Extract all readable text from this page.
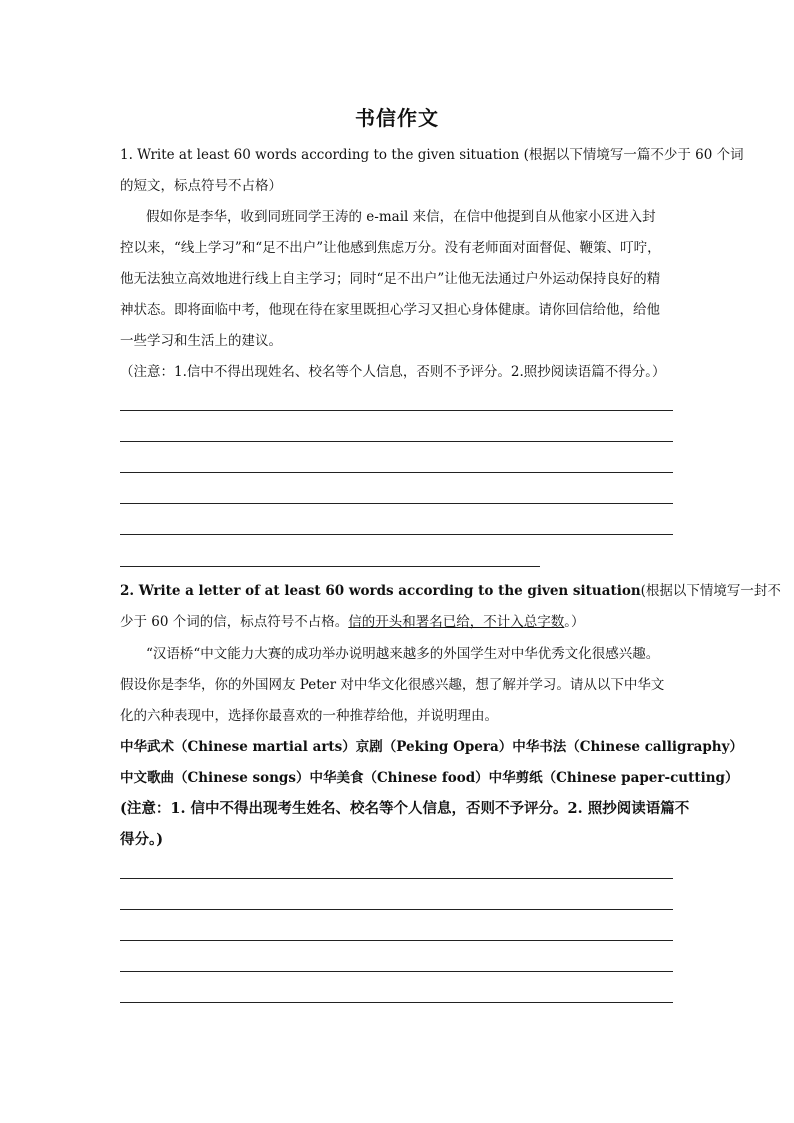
书信作文
1. Write at least 60 words according to the given situation (根据以下情境写一篇不少于 60 个词
的短文，标点符号不占格）
假如你是李华，收到同班同学王涛的 e-mail 来信，在信中他提到自从他家小区进入封
控以来，“线上学习”和“足不出户”让他感到焦虑万分。没有老师面对面督促、鞭策、叮咛，
他无法独立高效地进行线上自主学习；同时“足不出户”让他无法通过户外运动保持良好的精
神状态。即将面临中考，他现在待在家里既担心学习又担心身体健康。请你回信给他，给他
一些学习和生活上的建议。
（注意：1.信中不得出现姓名、校名等个人信息，否则不予评分。2.照抄阅读语篇不得分。）
2. Write a letter of at least 60 words according to the given situation(根据以下情境写一封不
少于 60 个词的信，标点符号不占格。信的开头和署名已给，不计入总字数。）
“汉语桥“中文能力大赛的成功举办说明越来越多的外国学生对中华优秀文化很感兴趣。
假设你是李华，你的外国网友 Peter 对中华文化很感兴趣，想了解并学习。请从以下中华文
化的六种表现中，选择你最喜欢的一种推荐给他，并说明理由。
中华武术（Chinese martial arts）京剧（Peking Opera）中华书法（Chinese calligraphy）
中文歌曲（Chinese songs）中华美食（Chinese food）中华剪纸（Chinese paper-cutting）
(注意：1. 信中不得出现考生姓名、校名等个人信息，否则不予评分。2. 照抄阅读语篇不
得分。)
